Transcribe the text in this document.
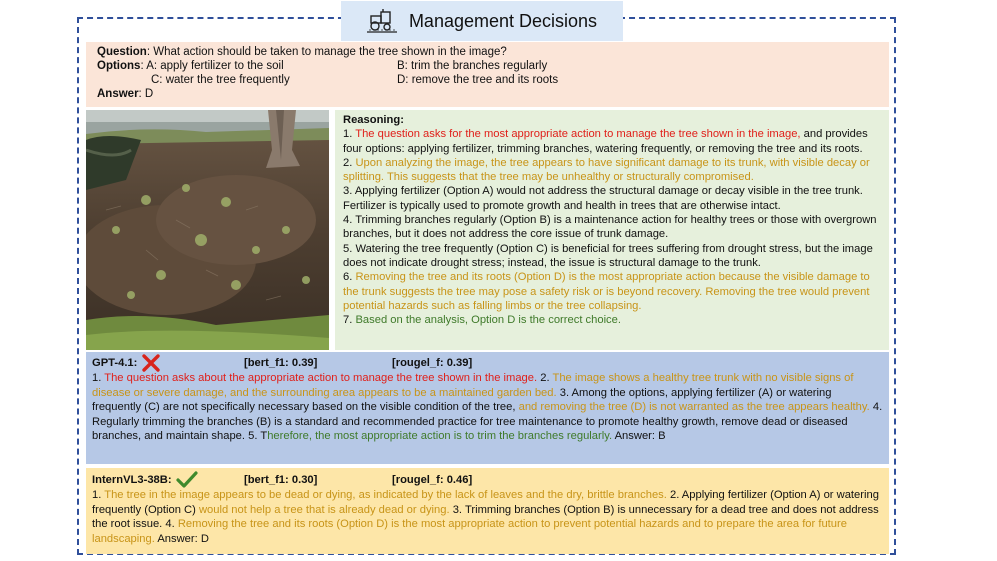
Management Decisions
Question: What action should be taken to manage the tree shown in the image?
Options: A: apply fertilizer to the soil	B: trim the branches regularly
C: water the tree frequently	D: remove the tree and its roots
Answer: D
Reasoning:
1. The question asks for the most appropriate action to manage the tree shown in the image, and provides four options: applying fertilizer, trimming branches, watering frequently, or removing the tree and its roots.
2. Upon analyzing the image, the tree appears to have significant damage to its trunk, with visible decay or splitting. This suggests that the tree may be unhealthy or structurally compromised.
3. Applying fertilizer (Option A) would not address the structural damage or decay visible in the tree trunk. Fertilizer is typically used to promote growth and health in trees that are otherwise intact.
4. Trimming branches regularly (Option B) is a maintenance action for healthy trees or those with overgrown branches, but it does not address the core issue of trunk damage.
5. Watering the tree frequently (Option C) is beneficial for trees suffering from drought stress, but the image does not indicate drought stress; instead, the issue is structural damage to the trunk.
6. Removing the tree and its roots (Option D) is the most appropriate action because the visible damage to the trunk suggests the tree may pose a safety risk or is beyond recovery. Removing the tree would prevent potential hazards such as falling limbs or the tree collapsing.
7. Based on the analysis, Option D is the correct choice.
GPT-4.1:	[bert_f1: 0.39]	[rougel_f: 0.39]
1. The question asks about the appropriate action to manage the tree shown in the image. 2. The image shows a healthy tree trunk with no visible signs of disease or severe damage, and the surrounding area appears to be a maintained garden bed. 3. Among the options, applying fertilizer (A) or watering frequently (C) are not specifically necessary based on the visible condition of the tree, and removing the tree (D) is not warranted as the tree appears healthy. 4. Regularly trimming the branches (B) is a standard and recommended practice for tree maintenance to promote healthy growth, remove dead or diseased branches, and maintain shape. 5. Therefore, the most appropriate action is to trim the branches regularly. Answer: B
InternVL3-38B:	[bert_f1: 0.30]	[rougel_f: 0.46]
1. The tree in the image appears to be dead or dying, as indicated by the lack of leaves and the dry, brittle branches. 2. Applying fertilizer (Option A) or watering frequently (Option C) would not help a tree that is already dead or dying. 3. Trimming branches (Option B) is unnecessary for a dead tree and does not address the root issue. 4. Removing the tree and its roots (Option D) is the most appropriate action to prevent potential hazards and to prepare the area for future landscaping. Answer: D
